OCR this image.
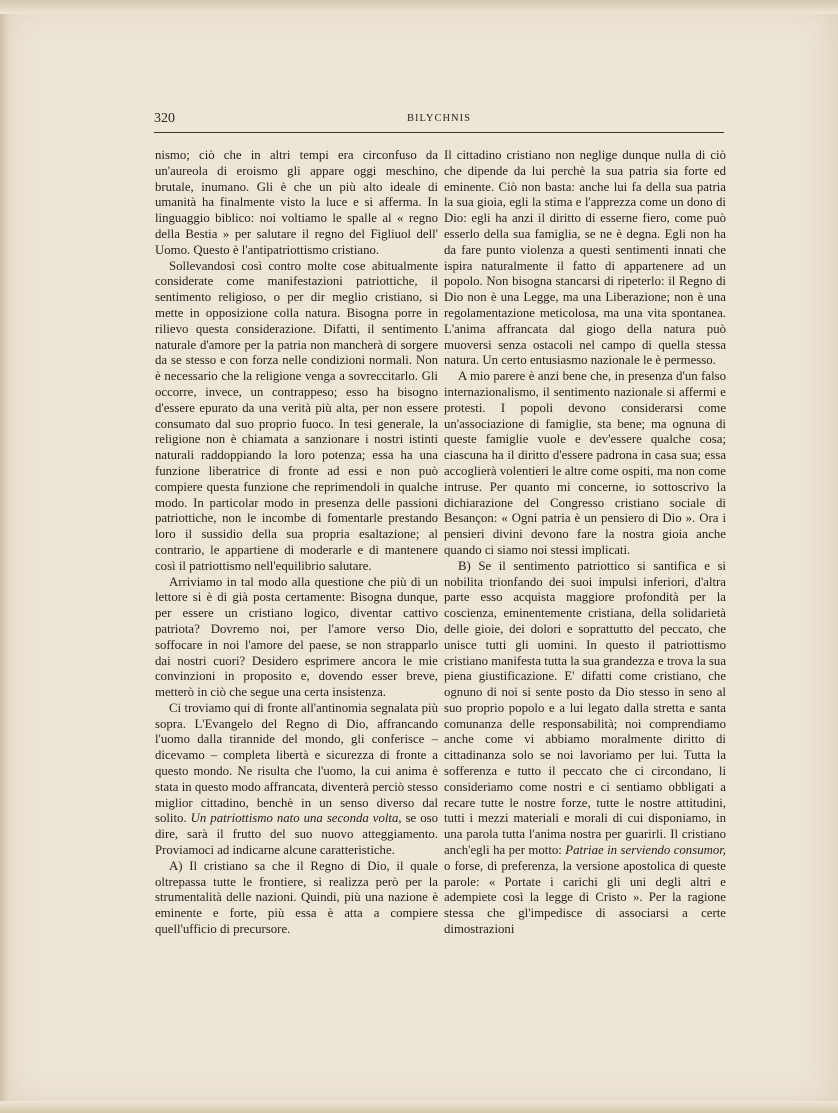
320	BILYCHNIS

nismo; ciò che in altri tempi era circonfuso da un'aureola di eroismo gli appare oggi meschino, brutale, inumano. Gli è che un più alto ideale di umanità ha finalmente visto la luce e si afferma. In linguaggio biblico: noi voltiamo le spalle al « regno della Bestia » per salutare il regno del Figliuol dell' Uomo. Questo è l'antipatriottismo cristiano.

Sollevandosi così contro molte cose abitualmente considerate come manifestazioni patriottiche, il sentimento religioso, o per dir meglio cristiano, si mette in opposizione colla natura. Bisogna porre in rilievo questa considerazione. Difatti, il sentimento naturale d'amore per la patria non mancherà di sorgere da se stesso e con forza nelle condizioni normali. Non è necessario che la religione venga a sovreccitarlo. Gli occorre, invece, un contrappeso; esso ha bisogno d'essere epurato da una verità più alta, per non essere consumato dal suo proprio fuoco. In tesi generale, la religione non è chiamata a sanzionare i nostri istinti naturali raddoppiando la loro potenza; essa ha una funzione liberatrice di fronte ad essi e non può compiere questa funzione che reprimendoli in qualche modo. In particolar modo in presenza delle passioni patriottiche, non le incombe di fomentarle prestando loro il sussidio della sua propria esaltazione; al contrario, le appartiene di moderarle e di mantenere così il patriottismo nell'equilibrio salutare.

Arriviamo in tal modo alla questione che più di un lettore si è di già posta certamente: Bisogna dunque, per essere un cristiano logico, diventar cattivo patriota? Dovremo noi, per l'amore verso Dio, soffocare in noi l'amore del paese, se non strapparlo dai nostri cuori? Desidero esprimere ancora le mie convinzioni in proposito e, dovendo esser breve, metterò in ciò che segue una certa insistenza.

Ci troviamo qui di fronte all'antinomia segnalata più sopra. L'Evangelo del Regno di Dio, affrancando l'uomo dalla tirannide del mondo, gli conferisce – dicevamo – completa libertà e sicurezza di fronte a questo mondo. Ne risulta che l'uomo, la cui anima è stata in questo modo affrancata, diventerà perciò stesso miglior cittadino, benchè in un senso diverso dal solito. Un patriottismo nato una seconda volta, se oso dire, sarà il frutto del suo nuovo atteggiamento. Proviamoci ad indicarne alcune caratteristiche.

A) Il cristiano sa che il Regno di Dio, il quale oltrepassa tutte le frontiere, si realizza però per la strumentalità delle nazioni. Quindi, più una nazione è eminente e forte, più essa è atta a compiere quell'ufficio di precursore.

Il cittadino cristiano non neglige dunque nulla di ciò che dipende da lui perchè la sua patria sia forte ed eminente. Ciò non basta: anche lui fa della sua patria la sua gioia, egli la stima e l'apprezza come un dono di Dio: egli ha anzi il diritto di esserne fiero, come può esserlo della sua famiglia, se ne è degna. Egli non ha da fare punto violenza a questi sentimenti innati che ispira naturalmente il fatto di appartenere ad un popolo. Non bisogna stancarsi di ripeterlo: il Regno di Dio non è una Legge, ma una Liberazione; non è una regolamentazione meticolosa, ma una vita spontanea. L'anima affrancata dal giogo della natura può muoversi senza ostacoli nel campo di quella stessa natura. Un certo entusiasmo nazionale le è permesso.

A mio parere è anzi bene che, in presenza d'un falso internazionalismo, il sentimento nazionale si affermi e protesti. I popoli devono considerarsi come un'associazione di famiglie, sta bene; ma ognuna di queste famiglie vuole e dev'essere qualche cosa; ciascuna ha il diritto d'essere padrona in casa sua; essa accoglierà volentieri le altre come ospiti, ma non come intruse. Per quanto mi concerne, io sottoscrivo la dichiarazione del Congresso cristiano sociale di Besançon: « Ogni patria è un pensiero di Dio ». Ora i pensieri divini devono fare la nostra gioia anche quando ci siamo noi stessi implicati.

B) Se il sentimento patriottico si santifica e si nobilita trionfando dei suoi impulsi inferiori, d'altra parte esso acquista maggiore profondità per la coscienza, eminentemente cristiana, della solidarietà delle gioie, dei dolori e soprattutto del peccato, che unisce tutti gli uomini. In questo il patriottismo cristiano manifesta tutta la sua grandezza e trova la sua piena giustificazione. E' difatti come cristiano, che ognuno di noi si sente posto da Dio stesso in seno al suo proprio popolo e a lui legato dalla stretta e santa comunanza delle responsabilità; noi comprendiamo anche come vi abbiamo moralmente diritto di cittadinanza solo se noi lavoriamo per lui. Tutta la sofferenza e tutto il peccato che ci circondano, li consideriamo come nostri e ci sentiamo obbligati a recare tutte le nostre forze, tutte le nostre attitudini, tutti i mezzi materiali e morali di cui disponiamo, in una parola tutta l'anima nostra per guarirli. Il cristiano anch'egli ha per motto: Patriae in serviendo consumor, o forse, di preferenza, la versione apostolica di queste parole: « Portate i carichi gli uni degli altri e adempiete così la legge di Cristo ». Per la ragione stessa che gl'impedisce di associarsi a certe dimostrazioni
